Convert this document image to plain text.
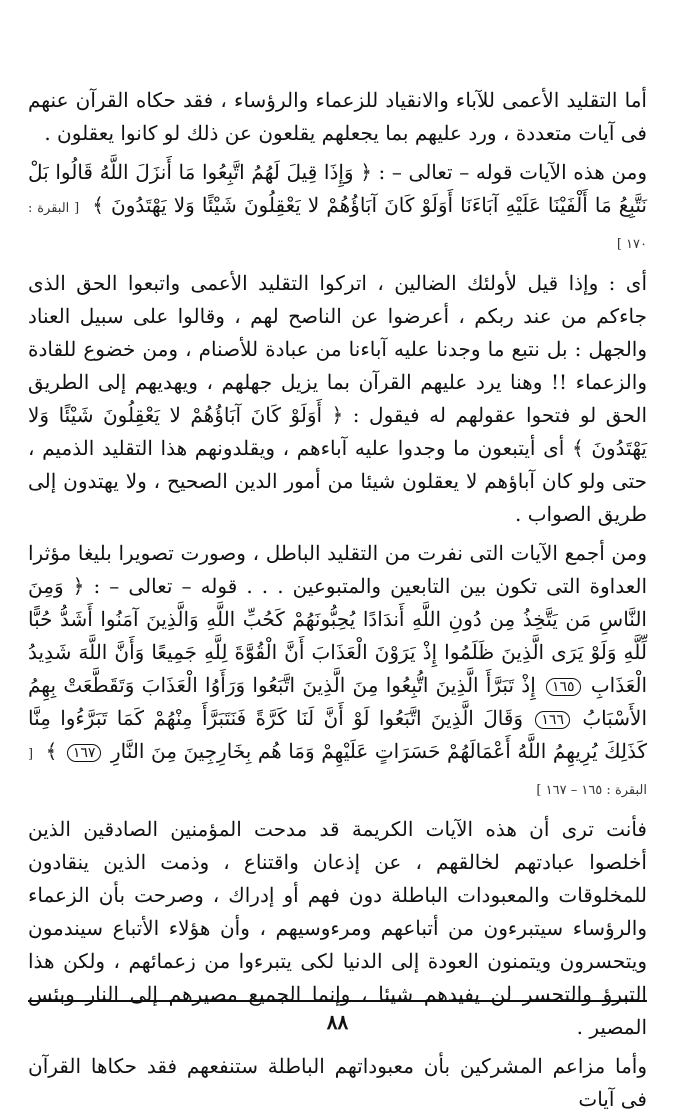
أما التقليد الأعمى للآباء والانقياد للزعماء والرؤساء ، فقد حكاه القرآن عنهم فى آيات متعددة ، ورد عليهم بما يجعلهم يقلعون عن ذلك لو كانوا يعقلون .

ومن هذه الآيات قوله – تعالى – : ﴿ وَإِذَا قِيلَ لَهُمُ اتَّبِعُوا مَا أَنزَلَ اللَّهُ قَالُوا بَلْ نَتَّبِعُ مَا أَلْفَيْنَا عَلَيْهِ آبَاءَنَا أَوَلَوْ كَانَ آبَاؤُهُمْ لا يَعْقِلُونَ شَيْئًا وَلا يَهْتَدُونَ ﴾ [ البقرة : ١٧٠ ]

أى : وإذا قيل لأولئك الضالين ، اتركوا التقليد الأعمى واتبعوا الحق الذى جاءكم من عند ربكم ، أعرضوا عن الناصح لهم ، وقالوا على سبيل العناد والجهل : بل نتبع ما وجدنا عليه آباءنا من عبادة للأصنام ، ومن خضوع للقادة والزعماء !! وهنا يرد عليهم القرآن بما يزيل جهلهم ، ويهديهم إلى الطريق الحق لو فتحوا عقولهم له فيقول : ﴿ أَوَلَوْ كَانَ آبَاؤُهُمْ لا يَعْقِلُونَ شَيْئًا وَلا يَهْتَدُونَ ﴾ أى أيتبعون ما وجدوا عليه آباءهم ، ويقلدونهم هذا التقليد الذميم ، حتى ولو كان آباؤهم لا يعقلون شيئا من أمور الدين الصحيح ، ولا يهتدون إلى طريق الصواب .

ومن أجمع الآيات التى نفرت من التقليد الباطل ، وصورت تصويرا بليغا مؤثرا العداوة التى تكون بين التابعين والمتبوعين . . . قوله – تعالى – : ﴿ وَمِنَ النَّاسِ مَن يَتَّخِذُ مِن دُونِ اللَّهِ أَندَادًا يُحِبُّونَهُمْ كَحُبِّ اللَّهِ وَالَّذِينَ آمَنُوا أَشَدُّ حُبًّا لِّلَّهِ وَلَوْ يَرَى الَّذِينَ ظَلَمُوا إِذْ يَرَوْنَ الْعَذَابَ أَنَّ الْقُوَّةَ لِلَّهِ جَمِيعًا وَأَنَّ اللَّهَ شَدِيدُ الْعَذَابِ ١٦٥ إِذْ تَبَرَّأَ الَّذِينَ اتُّبِعُوا مِنَ الَّذِينَ اتَّبَعُوا وَرَأَوُا الْعَذَابَ وَتَقَطَّعَتْ بِهِمُ الأَسْبَابُ ١٦٦ وَقَالَ الَّذِينَ اتَّبَعُوا لَوْ أَنَّ لَنَا كَرَّةً فَنَتَبَرَّأَ مِنْهُمْ كَمَا تَبَرَّءُوا مِنَّا كَذَلِكَ يُرِيهِمُ اللَّهُ أَعْمَالَهُمْ حَسَرَاتٍ عَلَيْهِمْ وَمَا هُم بِخَارِجِينَ مِنَ النَّارِ ١٦٧ ﴾ [ البقرة : ١٦٥ – ١٦٧ ]

فأنت ترى أن هذه الآيات الكريمة قد مدحت المؤمنين الصادقين الذين أخلصوا عبادتهم لخالقهم ، عن إذعان واقتناع ، وذمت الذين ينقادون للمخلوقات والمعبودات الباطلة دون فهم أو إدراك ، وصرحت بأن الزعماء والرؤساء سيتبرءون من أتباعهم ومرءوسيهم ، وأن هؤلاء الأتباع سيندمون ويتحسرون ويتمنون العودة إلى الدنيا لكى يتبرءوا من زعمائهم ، ولكن هذا التبرؤ والتحسر لن يفيدهم شيئا ، وإنما الجميع مصيرهم إلى النار وبئس المصير .

وأما مزاعم المشركين بأن معبوداتهم الباطلة ستنفعهم فقد حكاها القرآن فى آيات

٨٨
